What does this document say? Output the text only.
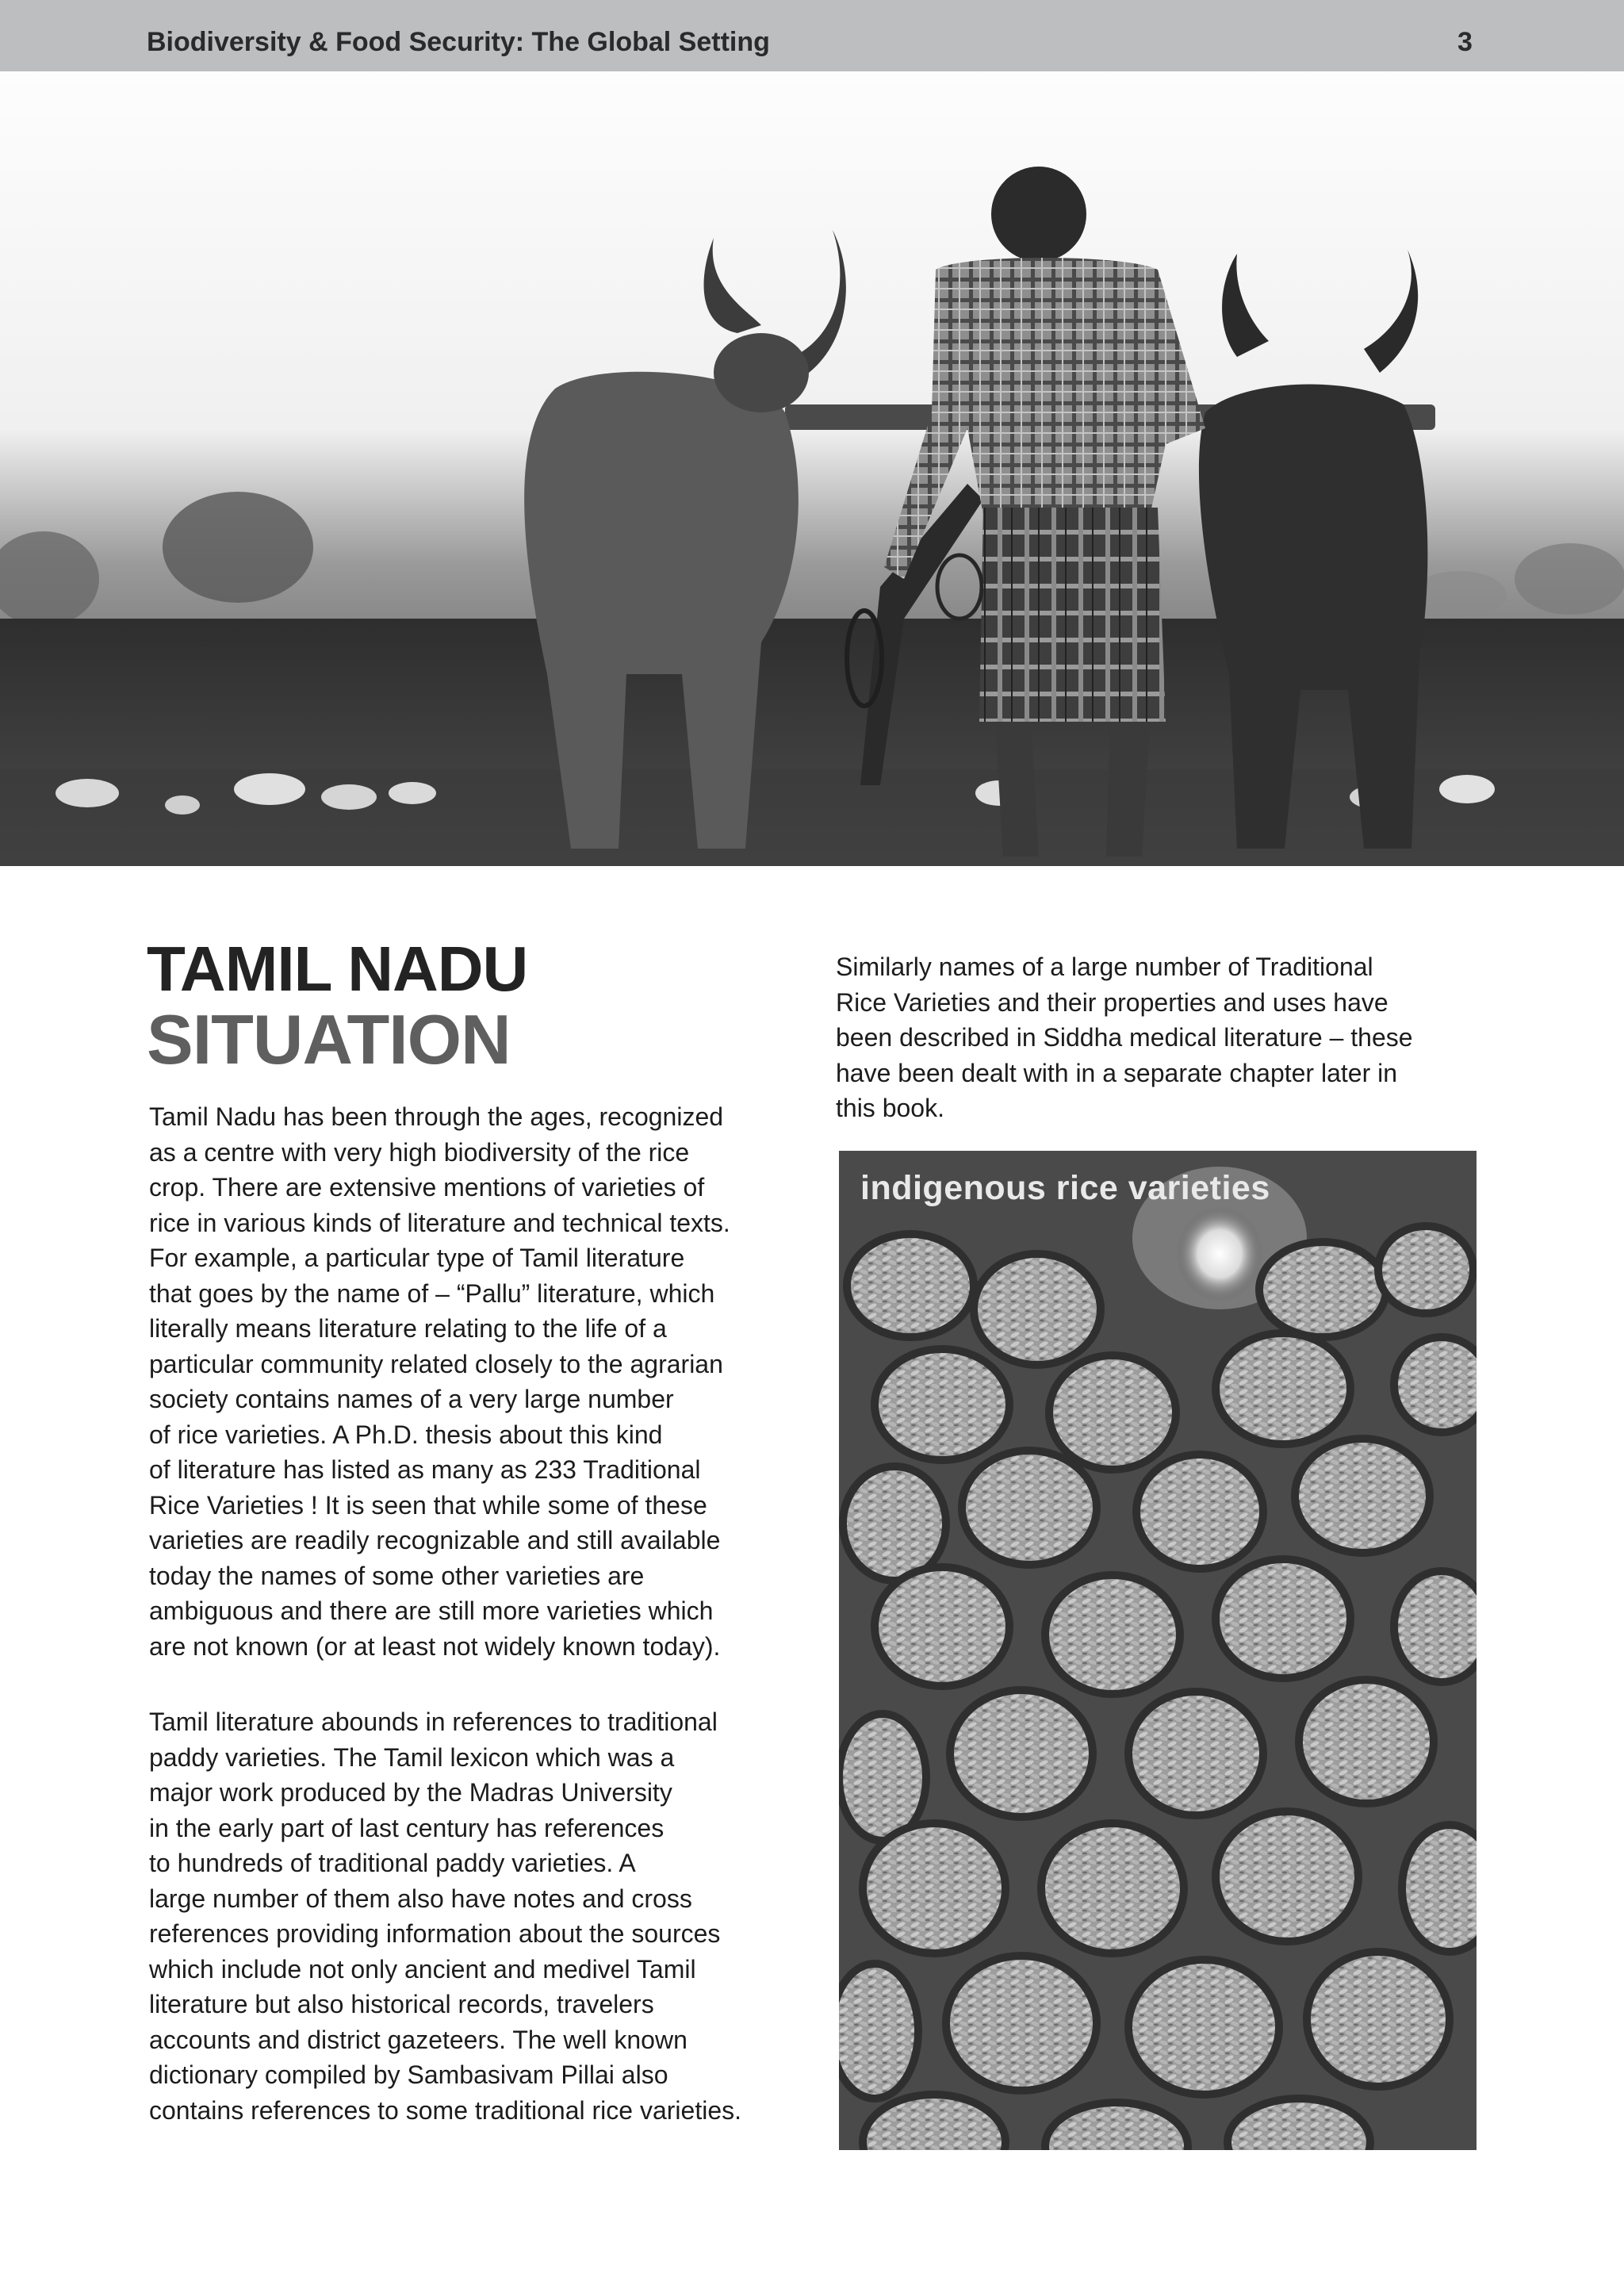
Biodiversity & Food Security: The Global Setting	3
TAMIL NADU
SITUATION

Tamil Nadu has been through the ages, recognized
as a centre with very high biodiversity of the rice
crop. There are extensive mentions of varieties of
rice in various kinds of literature and technical texts.
For example, a particular type of Tamil literature
that goes by the name of – “Pallu” literature, which
literally means literature relating to the life of a
particular community related closely to the agrarian
society contains names of a very large number
of rice varieties. A Ph.D. thesis about this kind
of literature has listed as many as 233 Traditional
Rice Varieties ! It is seen that while some of these
varieties are readily recognizable and still available
today the names of some other varieties are
ambiguous and there are still more varieties which
are not known (or at least not widely known today).

Tamil literature abounds in references to traditional
paddy varieties. The Tamil lexicon which was a
major work produced by the Madras University
in the early part of last century has references
to hundreds of traditional paddy varieties. A
large number of them also have notes and cross
references providing information about the sources
which include not only ancient and medivel Tamil
literature but also historical records, travelers
accounts and district gazeteers. The well known
dictionary compiled by Sambasivam Pillai also
contains references to some traditional rice varieties.

Similarly names of a large number of Traditional
Rice Varieties and their properties and uses have
been described in Siddha medical literature – these
have been dealt with in a separate chapter later in
this book.

indigenous rice varieties
